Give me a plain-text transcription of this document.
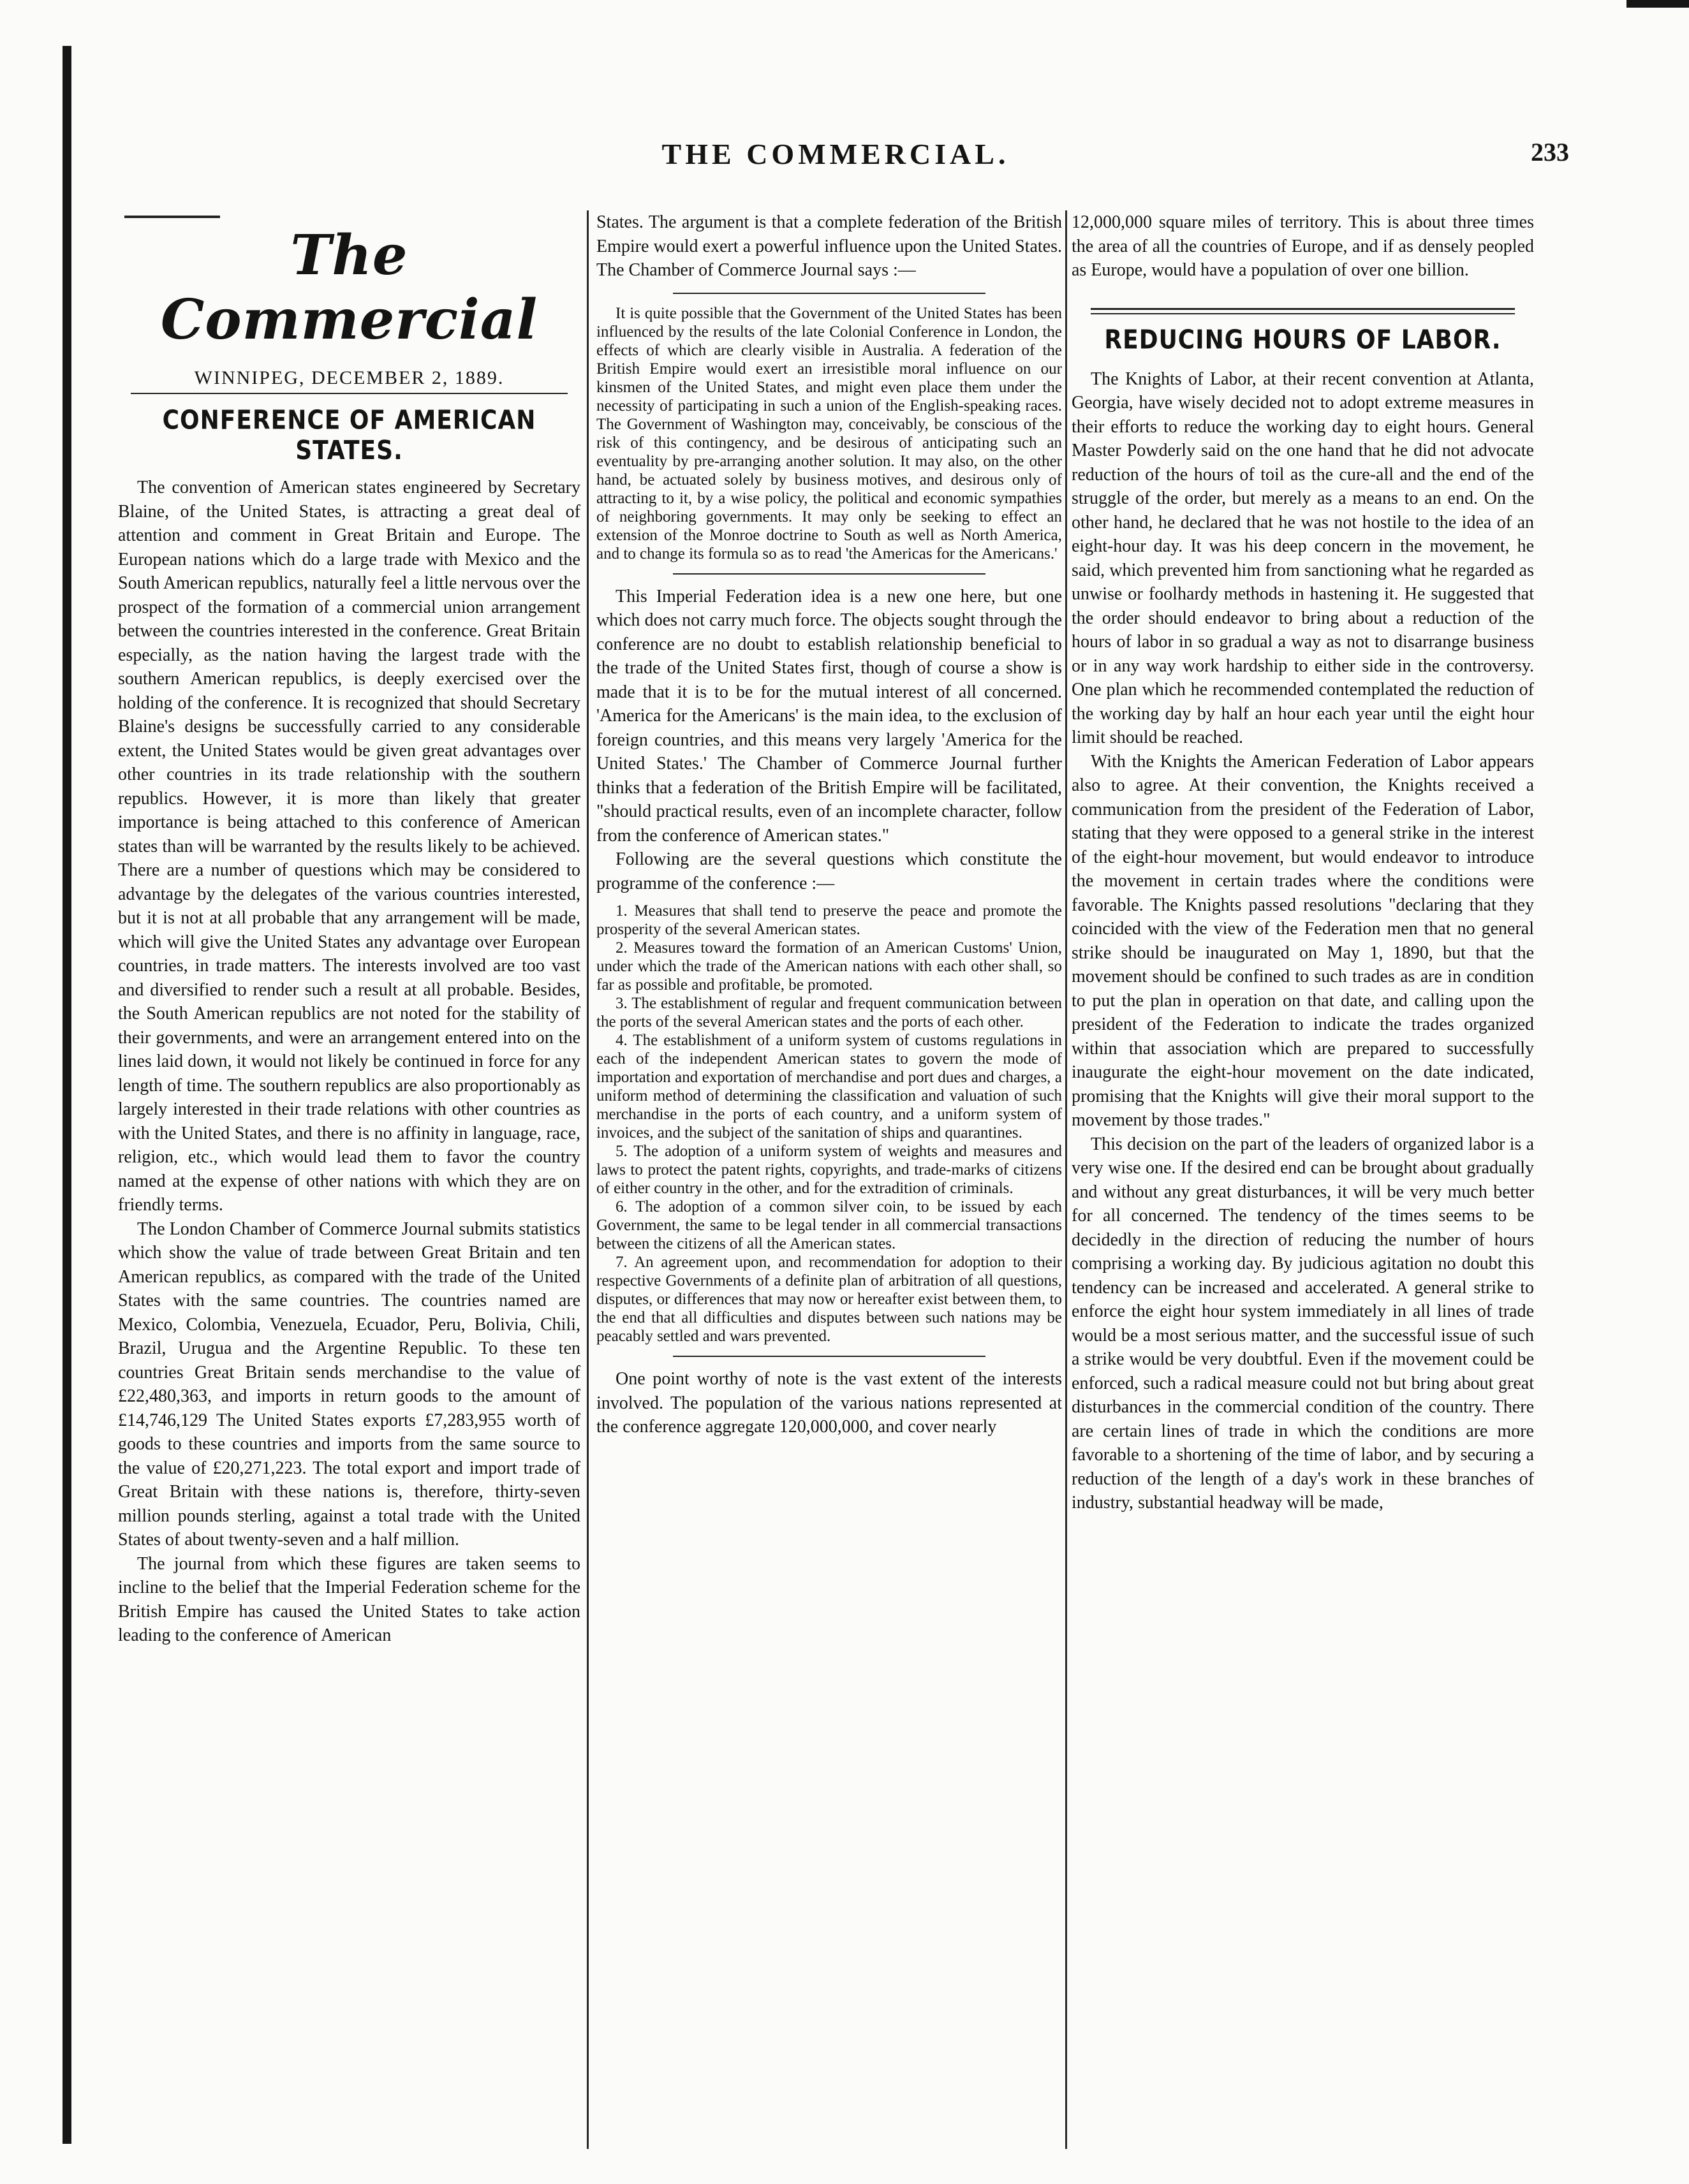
THE COMMERCIAL.	233
The Commercial
WINNIPEG, DECEMBER 2, 1889.
CONFERENCE OF AMERICAN STATES.

The convention of American states engineered by Secretary Blaine, of the United States, is attracting a great deal of attention and comment in Great Britain and Europe. The European nations which do a large trade with Mexico and the South American republics, naturally feel a little nervous over the prospect of the formation of a commercial union arrangement between the countries interested in the conference. Great Britain especially, as the nation having the largest trade with the southern American republics, is deeply exercised over the holding of the conference. It is recognized that should Secretary Blaine's designs be successfully carried to any considerable extent, the United States would be given great advantages over other countries in its trade relationship with the southern republics. However, it is more than likely that greater importance is being attached to this conference of American states than will be warranted by the results likely to be achieved. There are a number of questions which may be considered to advantage by the delegates of the various countries interested, but it is not at all probable that any arrangement will be made, which will give the United States any advantage over European countries, in trade matters. The interests involved are too vast and diversified to render such a result at all probable. Besides, the South American republics are not noted for the stability of their governments, and were an arrangement entered into on the lines laid down, it would not likely be continued in force for any length of time. The southern republics are also proportionably as largely interested in their trade relations with other countries as with the United States, and there is no affinity in language, race, religion, etc., which would lead them to favor the country named at the expense of other nations with which they are on friendly terms.

The London Chamber of Commerce Journal submits statistics which show the value of trade between Great Britain and ten American republics, as compared with the trade of the United States with the same countries. The countries named are Mexico, Colombia, Venezuela, Ecuador, Peru, Bolivia, Chili, Brazil, Urugua and the Argentine Republic. To these ten countries Great Britain sends merchandise to the value of £22,480,363, and imports in return goods to the amount of £14,746,129 The United States exports £7,283,955 worth of goods to these countries and imports from the same source to the value of £20,271,223. The total export and import trade of Great Britain with these nations is, therefore, thirty-seven million pounds sterling, against a total trade with the United States of about twenty-seven and a half million.

The journal from which these figures are taken seems to incline to the belief that the Imperial Federation scheme for the British Empire has caused the United States to take action leading to the conference of American

States. The argument is that a complete federation of the British Empire would exert a powerful influence upon the United States. The Chamber of Commerce Journal says :—

It is quite possible that the Government of the United States has been influenced by the results of the late Colonial Conference in London, the effects of which are clearly visible in Australia. A federation of the British Empire would exert an irresistible moral influence on our kinsmen of the United States, and might even place them under the necessity of participating in such a union of the English-speaking races. The Government of Washington may, conceivably, be conscious of the risk of this contingency, and be desirous of anticipating such an eventuality by pre-arranging another solution. It may also, on the other hand, be actuated solely by business motives, and desirous only of attracting to it, by a wise policy, the political and economic sympathies of neighboring governments. It may only be seeking to effect an extension of the Monroe doctrine to South as well as North America, and to change its formula so as to read 'the Americas for the Americans.'

This Imperial Federation idea is a new one here, but one which does not carry much force. The objects sought through the conference are no doubt to establish relationship beneficial to the trade of the United States first, though of course a show is made that it is to be for the mutual interest of all concerned. 'America for the Americans' is the main idea, to the exclusion of foreign countries, and this means very largely 'America for the United States.' The Chamber of Commerce Journal further thinks that a federation of the British Empire will be facilitated, "should practical results, even of an incomplete character, follow from the conference of American states."

Following are the several questions which constitute the programme of the conference :—

1. Measures that shall tend to preserve the peace and promote the prosperity of the several American states.

2. Measures toward the formation of an American Customs' Union, under which the trade of the American nations with each other shall, so far as possible and profitable, be promoted.

3. The establishment of regular and frequent communication between the ports of the several American states and the ports of each other.

4. The establishment of a uniform system of customs regulations in each of the independent American states to govern the mode of importation and exportation of merchandise and port dues and charges, a uniform method of determining the classification and valuation of such merchandise in the ports of each country, and a uniform system of invoices, and the subject of the sanitation of ships and quarantines.

5. The adoption of a uniform system of weights and measures and laws to protect the patent rights, copyrights, and trade-marks of citizens of either country in the other, and for the extradition of criminals.

6. The adoption of a common silver coin, to be issued by each Government, the same to be legal tender in all commercial transactions between the citizens of all the American states.

7. An agreement upon, and recommendation for adoption to their respective Governments of a definite plan of arbitration of all questions, disputes, or differences that may now or hereafter exist between them, to the end that all difficulties and disputes between such nations may be peacably settled and wars prevented.

One point worthy of note is the vast extent of the interests involved. The population of the various nations represented at the conference aggregate 120,000,000, and cover nearly

12,000,000 square miles of territory. This is about three times the area of all the countries of Europe, and if as densely peopled as Europe, would have a population of over one billion.

REDUCING HOURS OF LABOR.

The Knights of Labor, at their recent convention at Atlanta, Georgia, have wisely decided not to adopt extreme measures in their efforts to reduce the working day to eight hours. General Master Powderly said on the one hand that he did not advocate reduction of the hours of toil as the cure-all and the end of the struggle of the order, but merely as a means to an end. On the other hand, he declared that he was not hostile to the idea of an eight-hour day. It was his deep concern in the movement, he said, which prevented him from sanctioning what he regarded as unwise or foolhardy methods in hastening it. He suggested that the order should endeavor to bring about a reduction of the hours of labor in so gradual a way as not to disarrange business or in any way work hardship to either side in the controversy. One plan which he recommended contemplated the reduction of the working day by half an hour each year until the eight hour limit should be reached.

With the Knights the American Federation of Labor appears also to agree. At their convention, the Knights received a communication from the president of the Federation of Labor, stating that they were opposed to a general strike in the interest of the eight-hour movement, but would endeavor to introduce the movement in certain trades where the conditions were favorable. The Knights passed resolutions "declaring that they coincided with the view of the Federation men that no general strike should be inaugurated on May 1, 1890, but that the movement should be confined to such trades as are in condition to put the plan in operation on that date, and calling upon the president of the Federation to indicate the trades organized within that association which are prepared to successfully inaugurate the eight-hour movement on the date indicated, promising that the Knights will give their moral support to the movement by those trades."

This decision on the part of the leaders of organized labor is a very wise one. If the desired end can be brought about gradually and without any great disturbances, it will be very much better for all concerned. The tendency of the times seems to be decidedly in the direction of reducing the number of hours comprising a working day. By judicious agitation no doubt this tendency can be increased and accelerated. A general strike to enforce the eight hour system immediately in all lines of trade would be a most serious matter, and the successful issue of such a strike would be very doubtful. Even if the movement could be enforced, such a radical measure could not but bring about great disturbances in the commercial condition of the country. There are certain lines of trade in which the conditions are more favorable to a shortening of the time of labor, and by securing a reduction of the length of a day's work in these branches of industry, substantial headway will be made,
